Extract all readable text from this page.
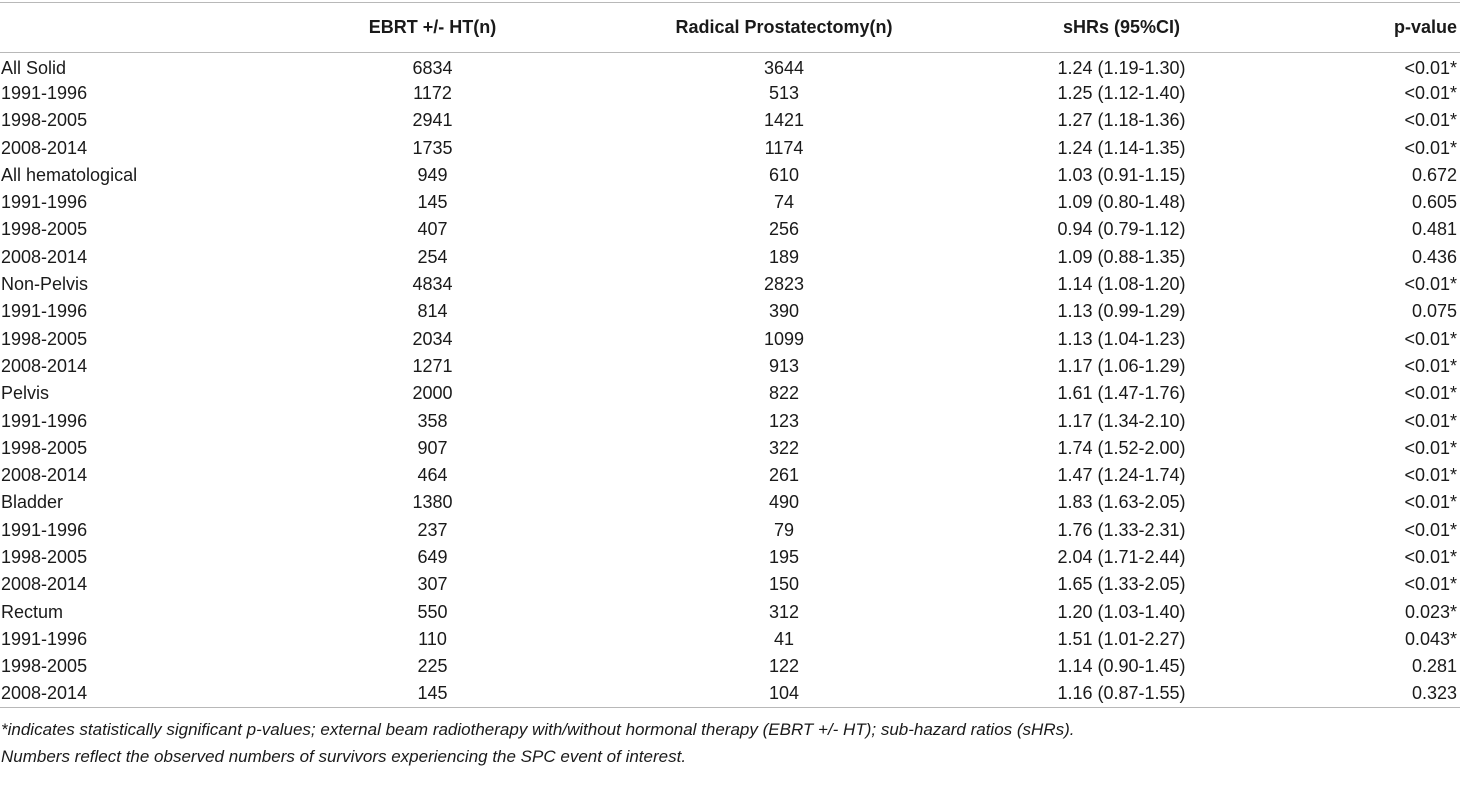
	EBRT +/- HT(n)	Radical Prostatectomy(n)	sHRs (95%CI)	p-value
All Solid	6834	3644	1.24 (1.19-1.30)	<0.01*
1991-1996	1172	513	1.25 (1.12-1.40)	<0.01*
1998-2005	2941	1421	1.27 (1.18-1.36)	<0.01*
2008-2014	1735	1174	1.24 (1.14-1.35)	<0.01*
All hematological	949	610	1.03 (0.91-1.15)	0.672
1991-1996	145	74	1.09 (0.80-1.48)	0.605
1998-2005	407	256	0.94 (0.79-1.12)	0.481
2008-2014	254	189	1.09 (0.88-1.35)	0.436
Non-Pelvis	4834	2823	1.14 (1.08-1.20)	<0.01*
1991-1996	814	390	1.13 (0.99-1.29)	0.075
1998-2005	2034	1099	1.13 (1.04-1.23)	<0.01*
2008-2014	1271	913	1.17 (1.06-1.29)	<0.01*
Pelvis	2000	822	1.61 (1.47-1.76)	<0.01*
1991-1996	358	123	1.17 (1.34-2.10)	<0.01*
1998-2005	907	322	1.74 (1.52-2.00)	<0.01*
2008-2014	464	261	1.47 (1.24-1.74)	<0.01*
Bladder	1380	490	1.83 (1.63-2.05)	<0.01*
1991-1996	237	79	1.76 (1.33-2.31)	<0.01*
1998-2005	649	195	2.04 (1.71-2.44)	<0.01*
2008-2014	307	150	1.65 (1.33-2.05)	<0.01*
Rectum	550	312	1.20 (1.03-1.40)	0.023*
1991-1996	110	41	1.51 (1.01-2.27)	0.043*
1998-2005	225	122	1.14 (0.90-1.45)	0.281
2008-2014	145	104	1.16 (0.87-1.55)	0.323
*indicates statistically significant p-values; external beam radiotherapy with/without hormonal therapy (EBRT +/- HT); sub-hazard ratios (sHRs).
Numbers reflect the observed numbers of survivors experiencing the SPC event of interest.
